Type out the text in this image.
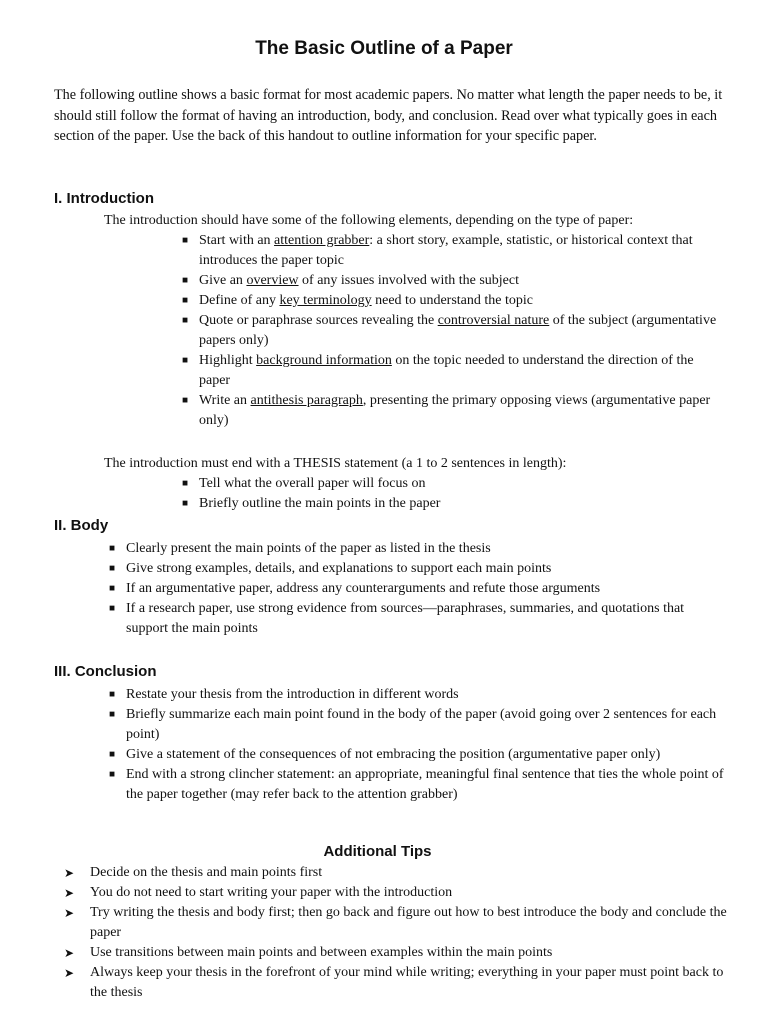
The Basic Outline of a Paper

The following outline shows a basic format for most academic papers. No matter what length the paper needs to be, it should still follow the format of having an introduction, body, and conclusion. Read over what typically goes in each section of the paper. Use the back of this handout to outline information for your specific paper.

I. Introduction

The introduction should have some of the following elements, depending on the type of paper:

■ Start with an attention grabber: a short story, example, statistic, or historical context that introduces the paper topic
■ Give an overview of any issues involved with the subject
■ Define of any key terminology need to understand the topic
■ Quote or paraphrase sources revealing the controversial nature of the subject (argumentative papers only)
■ Highlight background information on the topic needed to understand the direction of the paper
■ Write an antithesis paragraph, presenting the primary opposing views (argumentative paper only)

The introduction must end with a THESIS statement (a 1 to 2 sentences in length):

■ Tell what the overall paper will focus on
■ Briefly outline the main points in the paper
II. Body
■ Clearly present the main points of the paper as listed in the thesis
■ Give strong examples, details, and explanations to support each main points
■ If an argumentative paper, address any counterarguments and refute those arguments
■ If a research paper, use strong evidence from sources—paraphrases, summaries, and quotations that support the main points
III. Conclusion
■ Restate your thesis from the introduction in different words
■ Briefly summarize each main point found in the body of the paper (avoid going over 2 sentences for each point)
■ Give a statement of the consequences of not embracing the position (argumentative paper only)
■ End with a strong clincher statement: an appropriate, meaningful final sentence that ties the whole point of the paper together (may refer back to the attention grabber)
Additional Tips
➤ Decide on the thesis and main points first
➤ You do not need to start writing your paper with the introduction
➤ Try writing the thesis and body first; then go back and figure out how to best introduce the body and conclude the paper
➤ Use transitions between main points and between examples within the main points
➤ Always keep your thesis in the forefront of your mind while writing; everything in your paper must point back to the thesis
